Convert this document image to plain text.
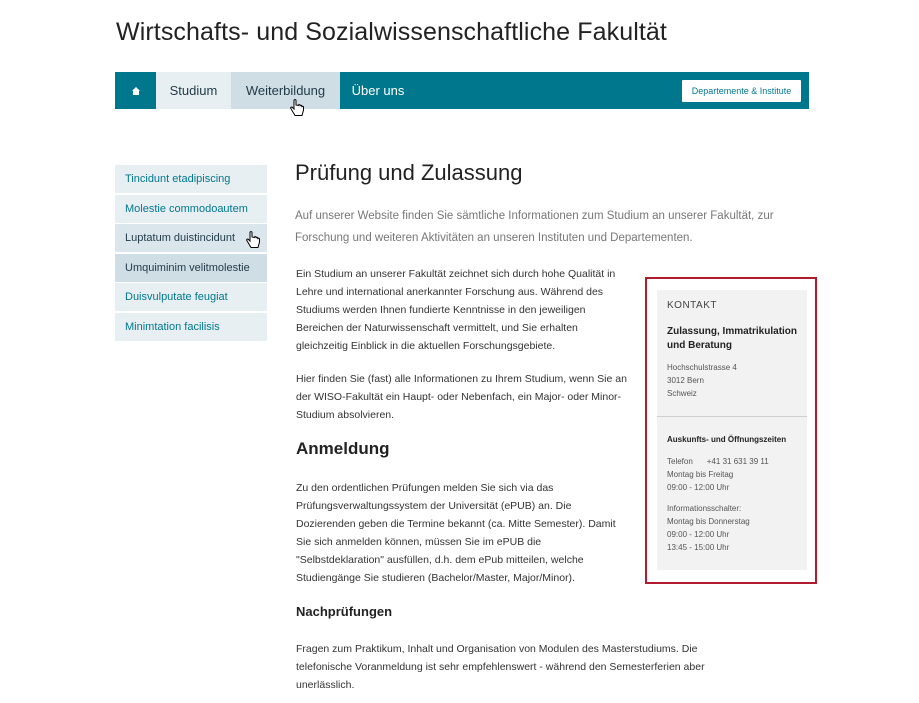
Wirtschafts- und Sozialwissenschaftliche Fakultät
Studium	Weiterbildung	Über uns	Departemente & Institute
Tincidunt etadipiscing
Molestie commodoautem
Luptatum duistincidunt
Umquiminim velitmolestie
Duisvulputate feugiat
Minimtation facilisis
Prüfung und Zulassung
Auf unserer Website finden Sie sämtliche Informationen zum Studium an unserer Fakultät, zur Forschung und weiteren Aktivitäten an unseren Instituten und Departementen.
Ein Studium an unserer Fakultät zeichnet sich durch hohe Qualität in Lehre und international anerkannter Forschung aus. Während des Studiums werden Ihnen fundierte Kenntnisse in den jeweiligen Bereichen der Naturwissenschaft vermittelt, und Sie erhalten gleichzeitig Einblick in die aktuellen Forschungsgebiete.
Hier finden Sie (fast) alle Informationen zu Ihrem Studium, wenn Sie an der WISO-Fakultät ein Haupt- oder Nebenfach, ein Major- oder Minor-Studium absolvieren.
Anmeldung
Zu den ordentlichen Prüfungen melden Sie sich via das Prüfungsverwaltungssystem der Universität (ePUB) an. Die Dozierenden geben die Termine bekannt (ca. Mitte Semester). Damit Sie sich anmelden können, müssen Sie im ePUB die "Selbstdeklaration" ausfüllen, d.h. dem ePub mitteilen, welche Studiengänge Sie studieren (Bachelor/Master, Major/Minor).
Nachprüfungen
Fragen zum Praktikum, Inhalt und Organisation von Modulen des Masterstudiums. Die telefonische Voranmeldung ist sehr empfehlenswert - während den Semesterferien aber unerlässlich.
KONTAKT
Zulassung, Immatrikulation und Beratung
Hochschulstrasse 4
3012 Bern
Schweiz
Auskunfts- und Öffnungszeiten
Telefon +41 31 631 39 11
Montag bis Freitag
09:00 - 12:00 Uhr
Informationsschalter:
Montag bis Donnerstag
09:00 - 12:00 Uhr
13:45 - 15:00 Uhr
